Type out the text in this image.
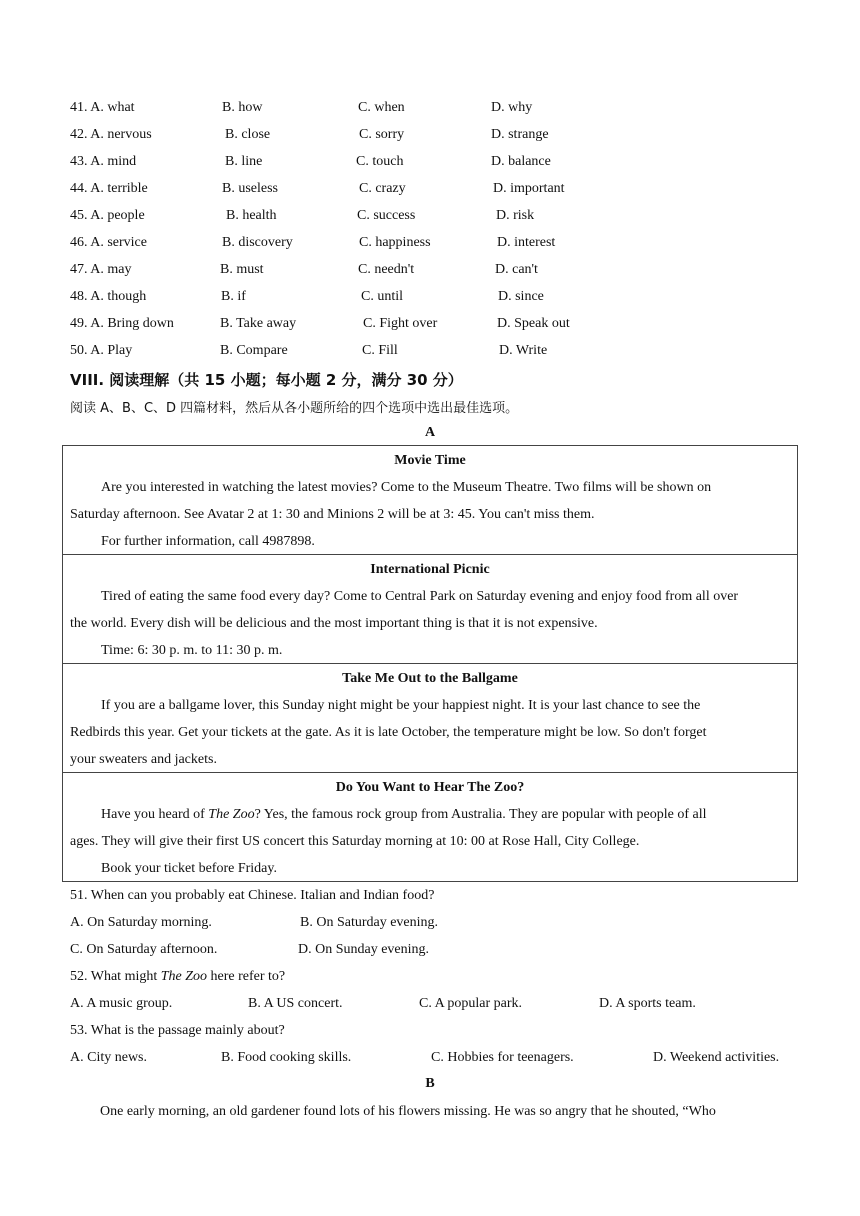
41. A. what	B. how	C. when	D. why
42. A. nervous	B. close	C. sorry	D. strange
43. A. mind	B. line	C. touch	D. balance
44. A. terrible	B. useless	C. crazy	D. important
45. A. people	B. health	C. success	D. risk
46. A. service	B. discovery	C. happiness	D. interest
47. A. may	B. must	C. needn't	D. can't
48. A. though	B. if	C. until	D. since
49. A. Bring down	B. Take away	C. Fight over	D. Speak out
50. A. Play	B. Compare	C. Fill	D. Write
VIII. 阅读理解（共 15 小题；每小题 2 分，满分 30 分）
阅读 A、B、C、D 四篇材料，然后从各小题所给的四个选项中选出最佳选项。
A
Movie Time
Are you interested in watching the latest movies? Come to the Museum Theatre. Two films will be shown on
Saturday afternoon. See Avatar 2 at 1: 30 and Minions 2 will be at 3: 45. You can't miss them.
For further information, call 4987898.
International Picnic
Tired of eating the same food every day? Come to Central Park on Saturday evening and enjoy food from all over
the world. Every dish will be delicious and the most important thing is that it is not expensive.
Time: 6: 30 p. m. to 11: 30 p. m.
Take Me Out to the Ballgame
If you are a ballgame lover, this Sunday night might be your happiest night. It is your last chance to see the
Redbirds this year. Get your tickets at the gate. As it is late October, the temperature might be low. So don't forget
your sweaters and jackets.
Do You Want to Hear The Zoo?
Have you heard of The Zoo? Yes, the famous rock group from Australia. They are popular with people of all
ages. They will give their first US concert this Saturday morning at 10: 00 at Rose Hall, City College.
Book your ticket before Friday.
51. When can you probably eat Chinese. Italian and Indian food?
A. On Saturday morning.	B. On Saturday evening.
C. On Saturday afternoon.	D. On Sunday evening.
52. What might The Zoo here refer to?
A. A music group.	B. A US concert.	C. A popular park.	D. A sports team.
53. What is the passage mainly about?
A. City news.	B. Food cooking skills.	C. Hobbies for teenagers.	D. Weekend activities.
B
One early morning, an old gardener found lots of his flowers missing. He was so angry that he shouted, “Who
